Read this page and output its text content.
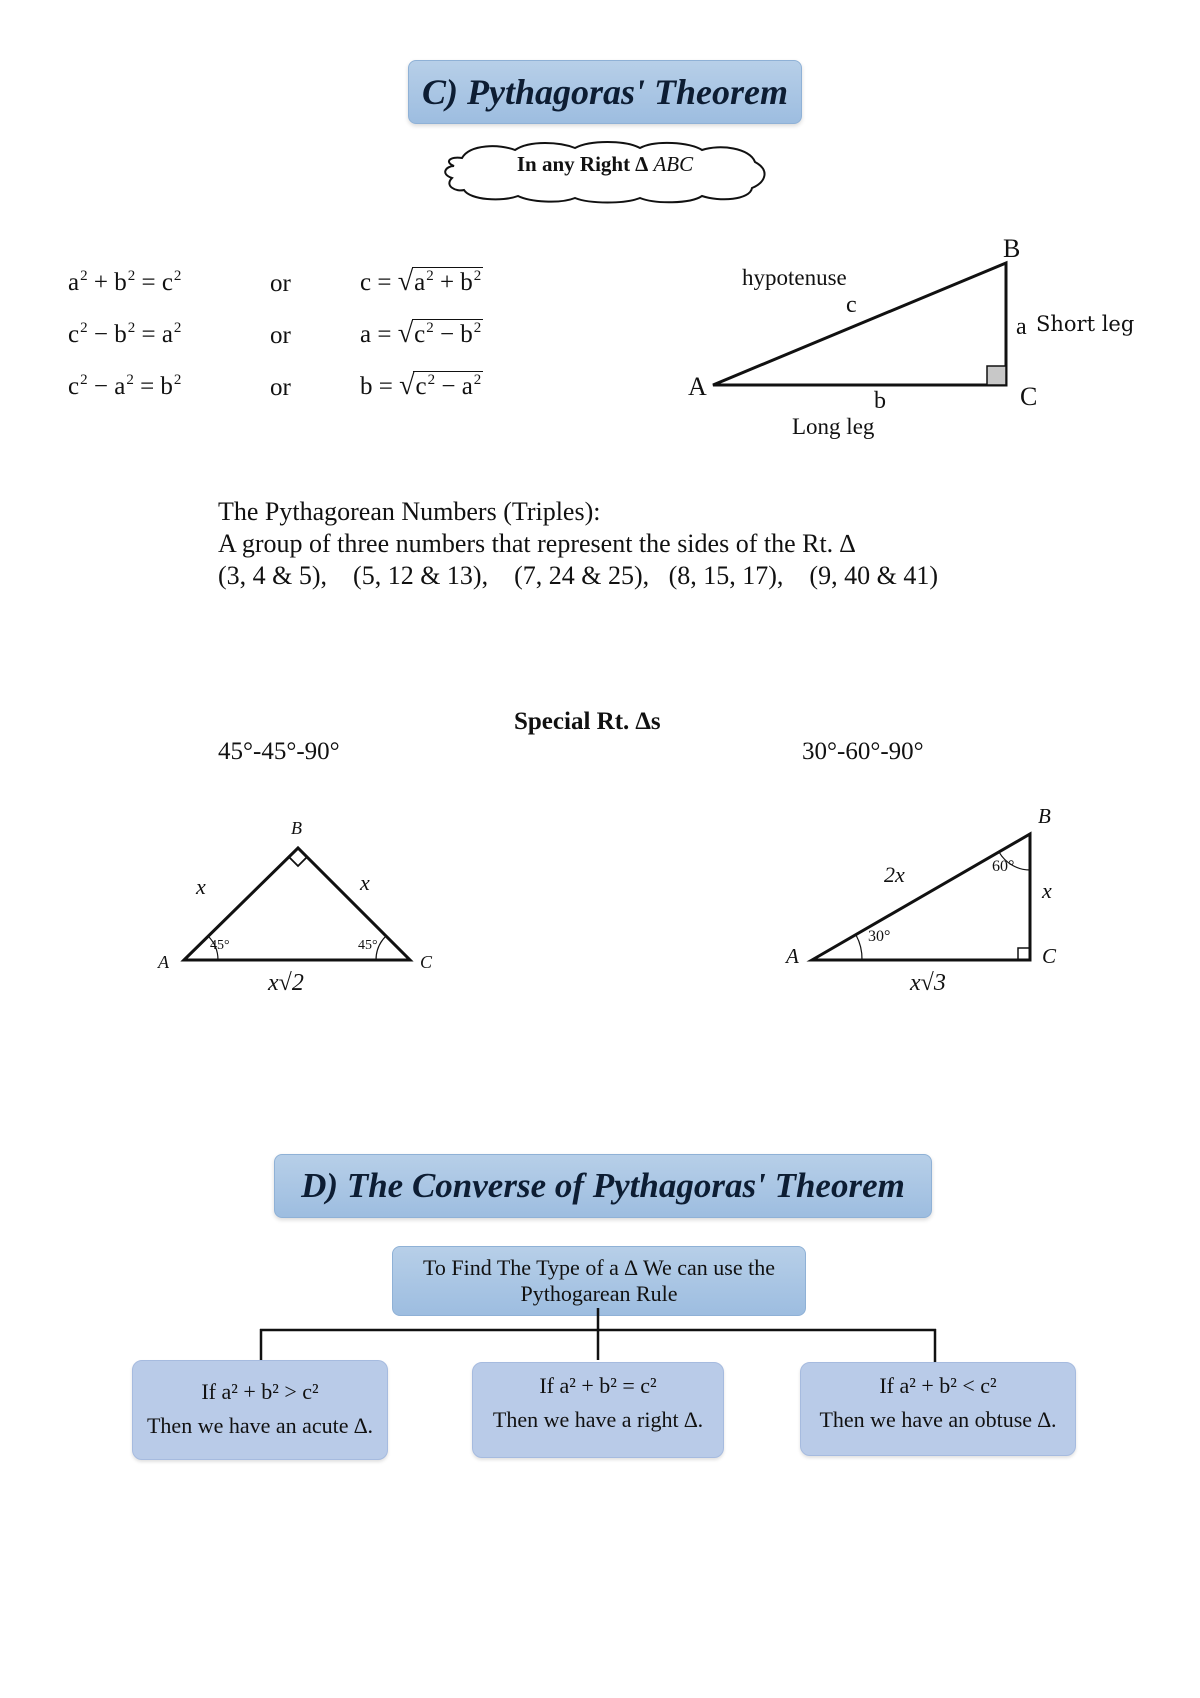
C) Pythagoras' Theorem
In any Right ∆ ABC
$a^2 + b^2 = c^2$	or	$c = √a^2 + b^2$
$c^2 - b^2 = a^2$	or	$a = √c^2 - b^2$
$c^2 - a^2 = b^2$	or	$b = √c^2 - a^2$
B
A	C
hypotenuse
c
a Short leg
b
Long leg
The Pythagorean Numbers (Triples):
A group of three numbers that represent the sides of the Rt. ∆
(3, 4 & 5),    (5, 12 & 13),    (7, 24 & 25),   (8, 15, 17),    (9, 40 & 41)
Special Rt. ∆s
45°-45°-90°	30°-60°-90°
A
B
C
x	x
45°	45°
x√2
A
B
C
2x
x
60°
30°
x√3
D) The Converse of Pythagoras' Theorem
To Find The Type of a ∆ We can use the
Pythogarean Rule
If a² + b² > c²
Then we have an acute ∆.
If a² + b² = c²
Then we have a right ∆.
If a² + b² < c²
Then we have an obtuse ∆.
